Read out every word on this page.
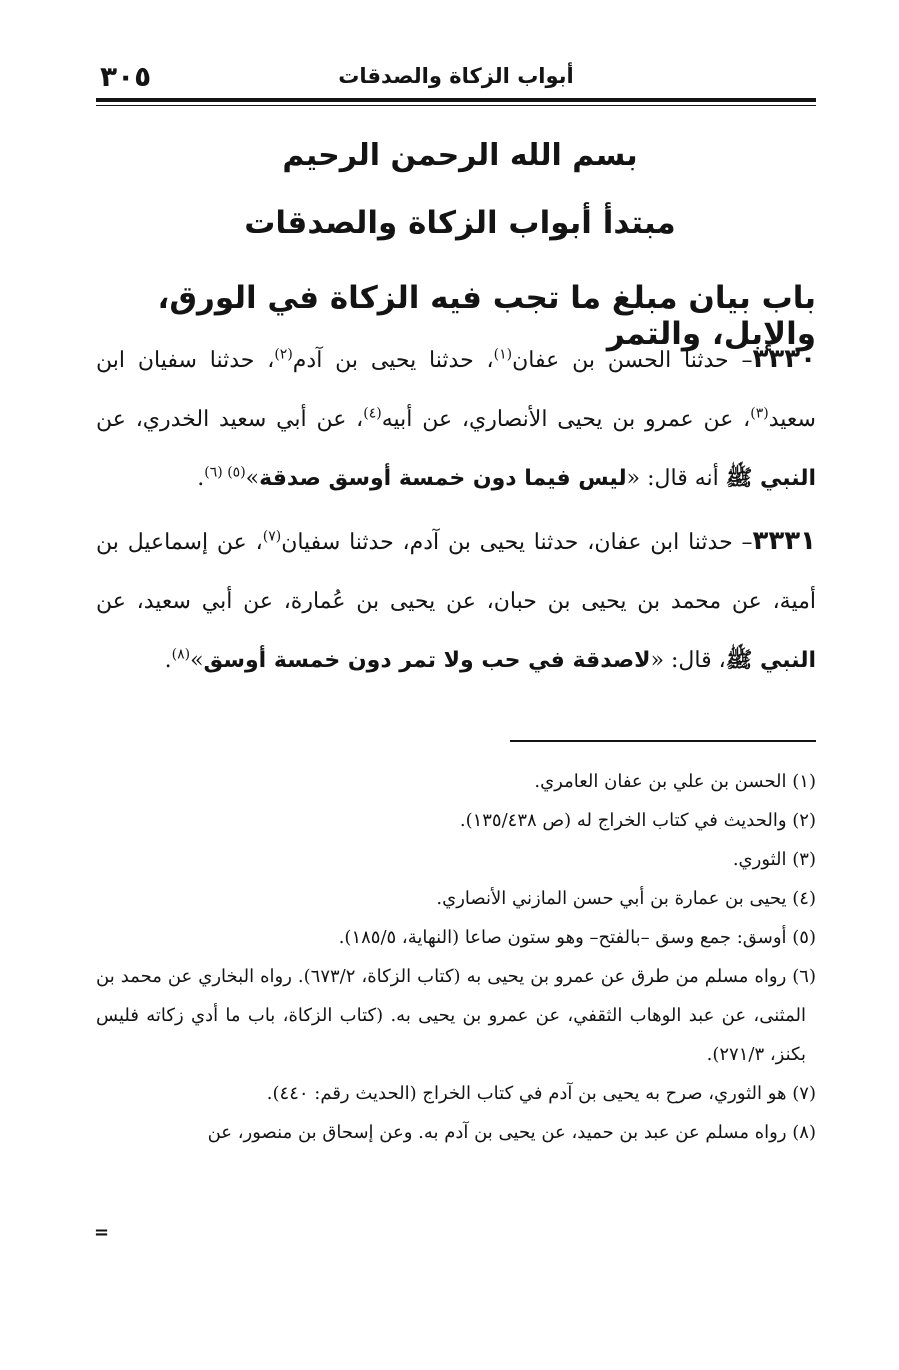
٣٠٥	أبواب الزكاة والصدقات
بسم الله الرحمن الرحيم
مبتدأ أبواب الزكاة والصدقات
باب بيان مبلغ ما تجب فيه الزكاة في الورق، والإبل، والتمر
٣٣٣٠– حدثنا الحسن بن عفان$^{(١)}$، حدثنا يحيى بن آدم$^{(٢)}$، حدثنا سفيان ابن سعيد$^{(٣)}$، عن عمرو بن يحيى الأنصاري، عن أبيه$^{(٤)}$، عن أبي سعيد الخدري، عن النبي ﷺ أنه قال: «ليس فيما دون خمسة أوسق صدقة»$^{(٥) (٦)}$.
٣٣٣١– حدثنا ابن عفان، حدثنا يحيى بن آدم، حدثنا سفيان$^{(٧)}$، عن إسماعيل بن أمية، عن محمد بن يحيى بن حبان، عن يحيى بن عُمارة، عن أبي سعيد، عن النبي ﷺ، قال: «لاصدقة في حب ولا تمر دون خمسة أوسق»$^{(٨)}$.
(١) الحسن بن علي بن عفان العامري.
(٢) والحديث في كتاب الخراج له (ص ١٣٥/٤٣٨).
(٣) الثوري.
(٤) يحيى بن عمارة بن أبي حسن المازني الأنصاري.
(٥) أوسق: جمع وسق –بالفتح– وهو ستون صاعا (النهاية، ١٨٥/٥).
(٦) رواه مسلم من طرق عن عمرو بن يحيى به (كتاب الزكاة، ٦٧٣/٢). رواه البخاري عن محمد بن المثنى، عن عبد الوهاب الثقفي، عن عمرو بن يحيى به. (كتاب الزكاة، باب ما أدي زكاته فليس بكنز، ٢٧١/٣).
(٧) هو الثوري، صرح به يحيى بن آدم في كتاب الخراج (الحديث رقم: ٤٤٠).
(٨) رواه مسلم عن عبد بن حميد، عن يحيى بن آدم به. وعن إسحاق بن منصور، عن
=
